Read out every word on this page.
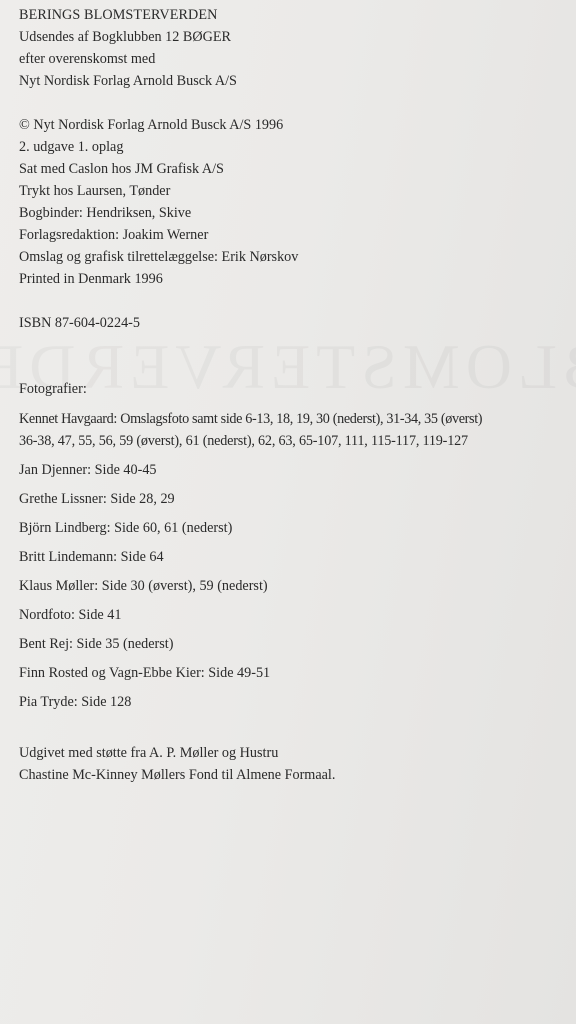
BERINGS BLOMSTERVERDEN
Udsendes af Bogklubben 12 BØGER
efter overenskomst med
Nyt Nordisk Forlag Arnold Busck A/S
© Nyt Nordisk Forlag Arnold Busck A/S 1996
2. udgave 1. oplag
Sat med Caslon hos JM Grafisk A/S
Trykt hos Laursen, Tønder
Bogbinder: Hendriksen, Skive
Forlagsredaktion: Joakim Werner
Omslag og grafisk tilrettelæggelse: Erik Nørskov
Printed in Denmark 1996
ISBN 87-604-0224-5
Fotografier:
Kennet Havgaard: Omslagsfoto samt side 6-13, 18, 19, 30 (nederst), 31-34, 35 (øverst)
36-38, 47, 55, 56, 59 (øverst), 61 (nederst), 62, 63, 65-107, 111, 115-117, 119-127
Jan Djenner: Side 40-45
Grethe Lissner: Side 28, 29
Björn Lindberg: Side 60, 61 (nederst)
Britt Lindemann: Side 64
Klaus Møller: Side 30 (øverst), 59 (nederst)
Nordfoto: Side 41
Bent Rej: Side 35 (nederst)
Finn Rosted og Vagn-Ebbe Kier: Side 49-51
Pia Tryde: Side 128
Udgivet med støtte fra A. P. Møller og Hustru
Chastine Mc-Kinney Møllers Fond til Almene Formaal.
